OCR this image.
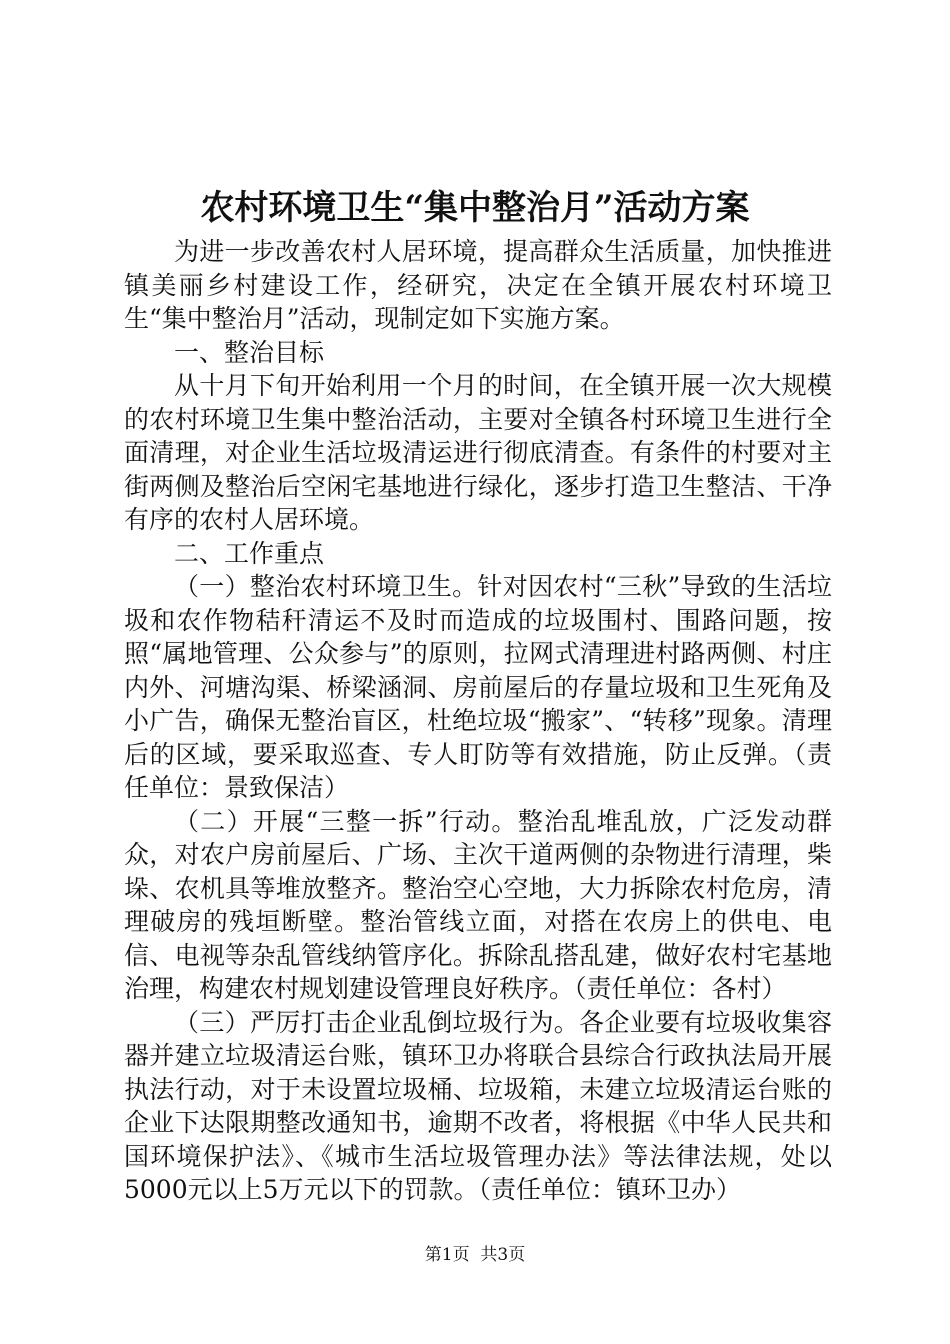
农村环境卫生“集中整治月”活动方案

为进一步改善农村人居环境，提高群众生活质量，加快推进镇美丽乡村建设工作，经研究，决定在全镇开展农村环境卫生“集中整治月”活动，现制定如下实施方案。

一、整治目标

从十月下旬开始利用一个月的时间，在全镇开展一次大规模的农村环境卫生集中整治活动，主要对全镇各村环境卫生进行全面清理，对企业生活垃圾清运进行彻底清查。有条件的村要对主街两侧及整治后空闲宅基地进行绿化，逐步打造卫生整洁、干净有序的农村人居环境。

二、工作重点

（一）整治农村环境卫生。针对因农村“三秋”导致的生活垃圾和农作物秸秆清运不及时而造成的垃圾围村、围路问题，按照“属地管理、公众参与”的原则，拉网式清理进村路两侧、村庄内外、河塘沟渠、桥梁涵洞、房前屋后的存量垃圾和卫生死角及小广告，确保无整治盲区，杜绝垃圾“搬家”、“转移”现象。清理后的区域，要采取巡查、专人盯防等有效措施，防止反弹。（责任单位：景致保洁）

（二）开展“三整一拆”行动。整治乱堆乱放，广泛发动群众，对农户房前屋后、广场、主次干道两侧的杂物进行清理，柴垛、农机具等堆放整齐。整治空心空地，大力拆除农村危房，清理破房的残垣断壁。整治管线立面，对搭在农房上的供电、电信、电视等杂乱管线纳管序化。拆除乱搭乱建，做好农村宅基地治理，构建农村规划建设管理良好秩序。（责任单位：各村）

（三）严厉打击企业乱倒垃圾行为。各企业要有垃圾收集容器并建立垃圾清运台账，镇环卫办将联合县综合行政执法局开展执法行动，对于未设置垃圾桶、垃圾箱，未建立垃圾清运台账的企业下达限期整改通知书，逾期不改者，将根据《中华人民共和国环境保护法》、《城市生活垃圾管理办法》等法律法规，处以5000元以上5万元以下的罚款。（责任单位：镇环卫办）

第1页  共3页
